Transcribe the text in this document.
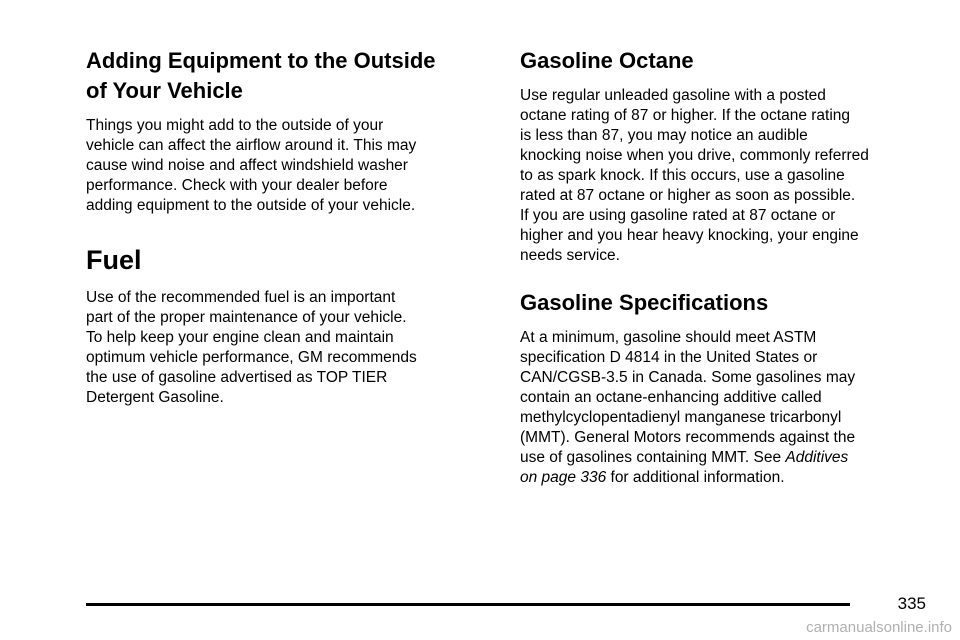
Adding Equipment to the Outside
of Your Vehicle

Things you might add to the outside of your
vehicle can affect the airflow around it. This may
cause wind noise and affect windshield washer
performance. Check with your dealer before
adding equipment to the outside of your vehicle.

Fuel

Use of the recommended fuel is an important
part of the proper maintenance of your vehicle.
To help keep your engine clean and maintain
optimum vehicle performance, GM recommends
the use of gasoline advertised as TOP TIER
Detergent Gasoline.

Gasoline Octane

Use regular unleaded gasoline with a posted
octane rating of 87 or higher. If the octane rating
is less than 87, you may notice an audible
knocking noise when you drive, commonly referred
to as spark knock. If this occurs, use a gasoline
rated at 87 octane or higher as soon as possible.
If you are using gasoline rated at 87 octane or
higher and you hear heavy knocking, your engine
needs service.

Gasoline Specifications

At a minimum, gasoline should meet ASTM
specification D 4814 in the United States or
CAN/CGSB-3.5 in Canada. Some gasolines may
contain an octane-enhancing additive called
methylcyclopentadienyl manganese tricarbonyl
(MMT). General Motors recommends against the
use of gasolines containing MMT. See Additives
on page 336 for additional information.

335
carmanualsonline.info
